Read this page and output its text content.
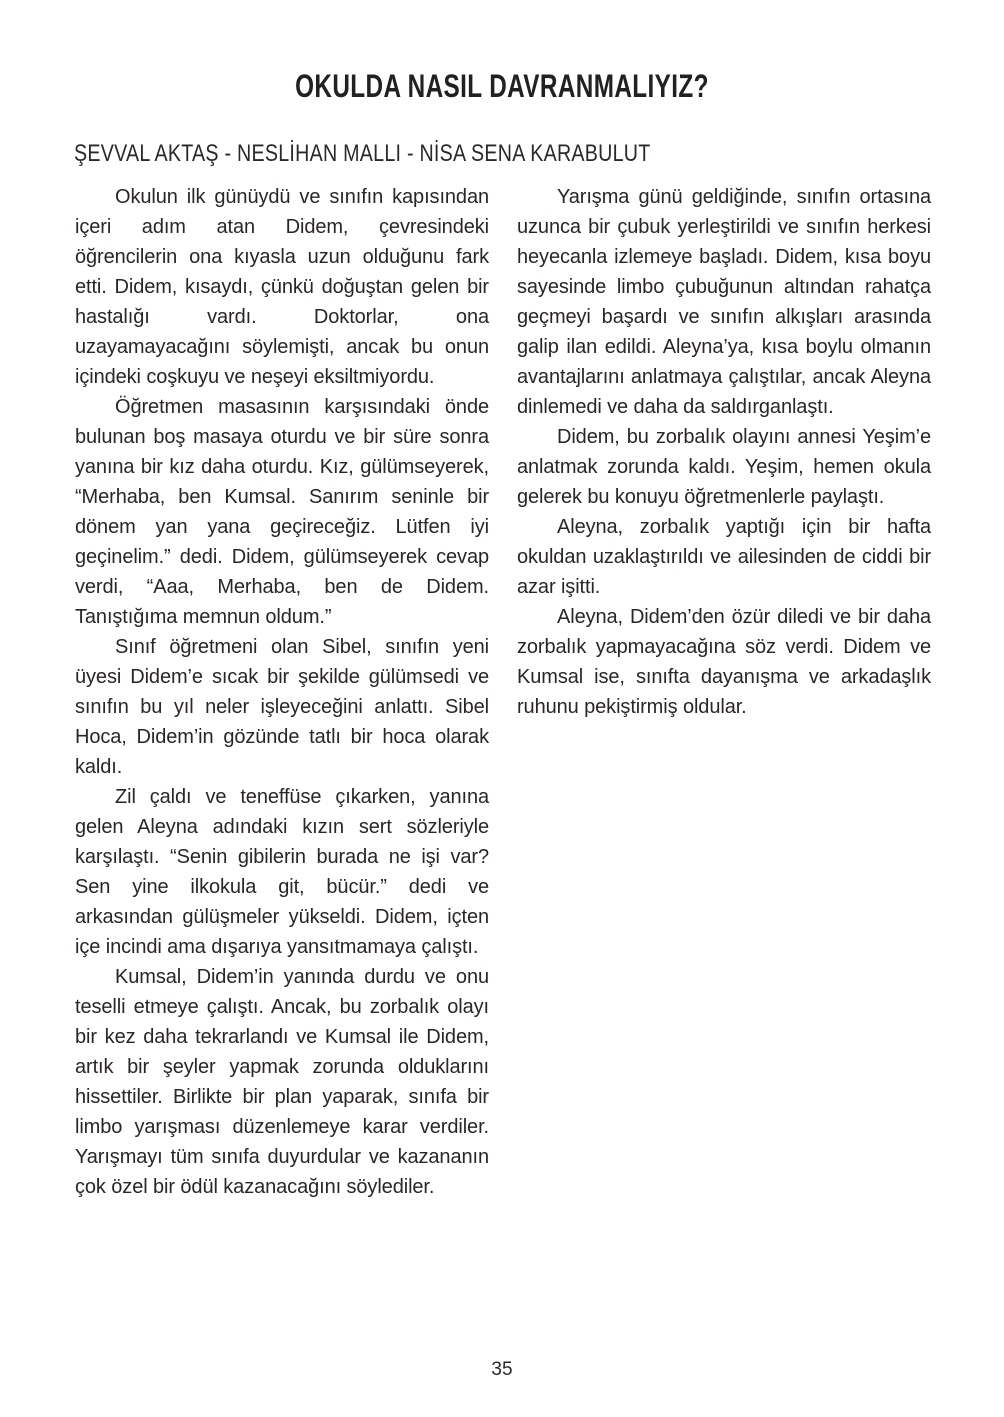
OKULDA NASIL DAVRANMALIYIZ?
ŞEVVAL AKTAŞ - NESLİHAN MALLI - NİSA SENA KARABULUT

Okulun ilk günüydü ve sınıfın kapısından içeri adım atan Didem, çevresindeki öğrencilerin ona kıyasla uzun olduğunu fark etti. Didem, kısaydı, çünkü doğuştan gelen bir hastalığı vardı. Doktorlar, ona uzayamayacağını söylemişti, ancak bu onun içindeki coşkuyu ve neşeyi eksiltmiyordu.

Öğretmen masasının karşısındaki önde bulunan boş masaya oturdu ve bir süre sonra yanına bir kız daha oturdu. Kız, gülümseyerek, “Merhaba, ben Kumsal. Sanırım seninle bir dönem yan yana geçireceğiz. Lütfen iyi geçinelim.” dedi. Didem, gülümseyerek cevap verdi, “Aaa, Merhaba, ben de Didem. Tanıştığıma memnun oldum.”

Sınıf öğretmeni olan Sibel, sınıfın yeni üyesi Didem’e sıcak bir şekilde gülümsedi ve sınıfın bu yıl neler işleyeceğini anlattı. Sibel Hoca, Didem’in gözünde tatlı bir hoca olarak kaldı.

Zil çaldı ve teneffüse çıkarken, yanına gelen Aleyna adındaki kızın sert sözleriyle karşılaştı. “Senin gibilerin burada ne işi var? Sen yine ilkokula git, bücür.” dedi ve arkasından gülüşmeler yükseldi. Didem, içten içe incindi ama dışarıya yansıtmamaya çalıştı.

Kumsal, Didem’in yanında durdu ve onu teselli etmeye çalıştı. Ancak, bu zorbalık olayı bir kez daha tekrarlandı ve Kumsal ile Didem, artık bir şeyler yapmak zorunda olduklarını hissettiler. Birlikte bir plan yaparak, sınıfa bir limbo yarışması düzenlemeye karar verdiler. Yarışmayı tüm sınıfa duyurdular ve kazananın çok özel bir ödül kazanacağını söylediler.

Yarışma günü geldiğinde, sınıfın ortasına uzunca bir çubuk yerleştirildi ve sınıfın herkesi heyecanla izlemeye başladı. Didem, kısa boyu sayesinde limbo çubuğunun altından rahatça geçmeyi başardı ve sınıfın alkışları arasında galip ilan edildi. Aleyna’ya, kısa boylu olmanın avantajlarını anlatmaya çalıştılar, ancak Aleyna dinlemedi ve daha da saldırganlaştı.

Didem, bu zorbalık olayını annesi Yeşim’e anlatmak zorunda kaldı. Yeşim, hemen okula gelerek bu konuyu öğretmenlerle paylaştı.

Aleyna, zorbalık yaptığı için bir hafta okuldan uzaklaştırıldı ve ailesinden de ciddi bir azar işitti.

Aleyna, Didem’den özür diledi ve bir daha zorbalık yapmayacağına söz verdi. Didem ve Kumsal ise, sınıfta dayanışma ve arkadaşlık ruhunu pekiştirmiş oldular.

35
